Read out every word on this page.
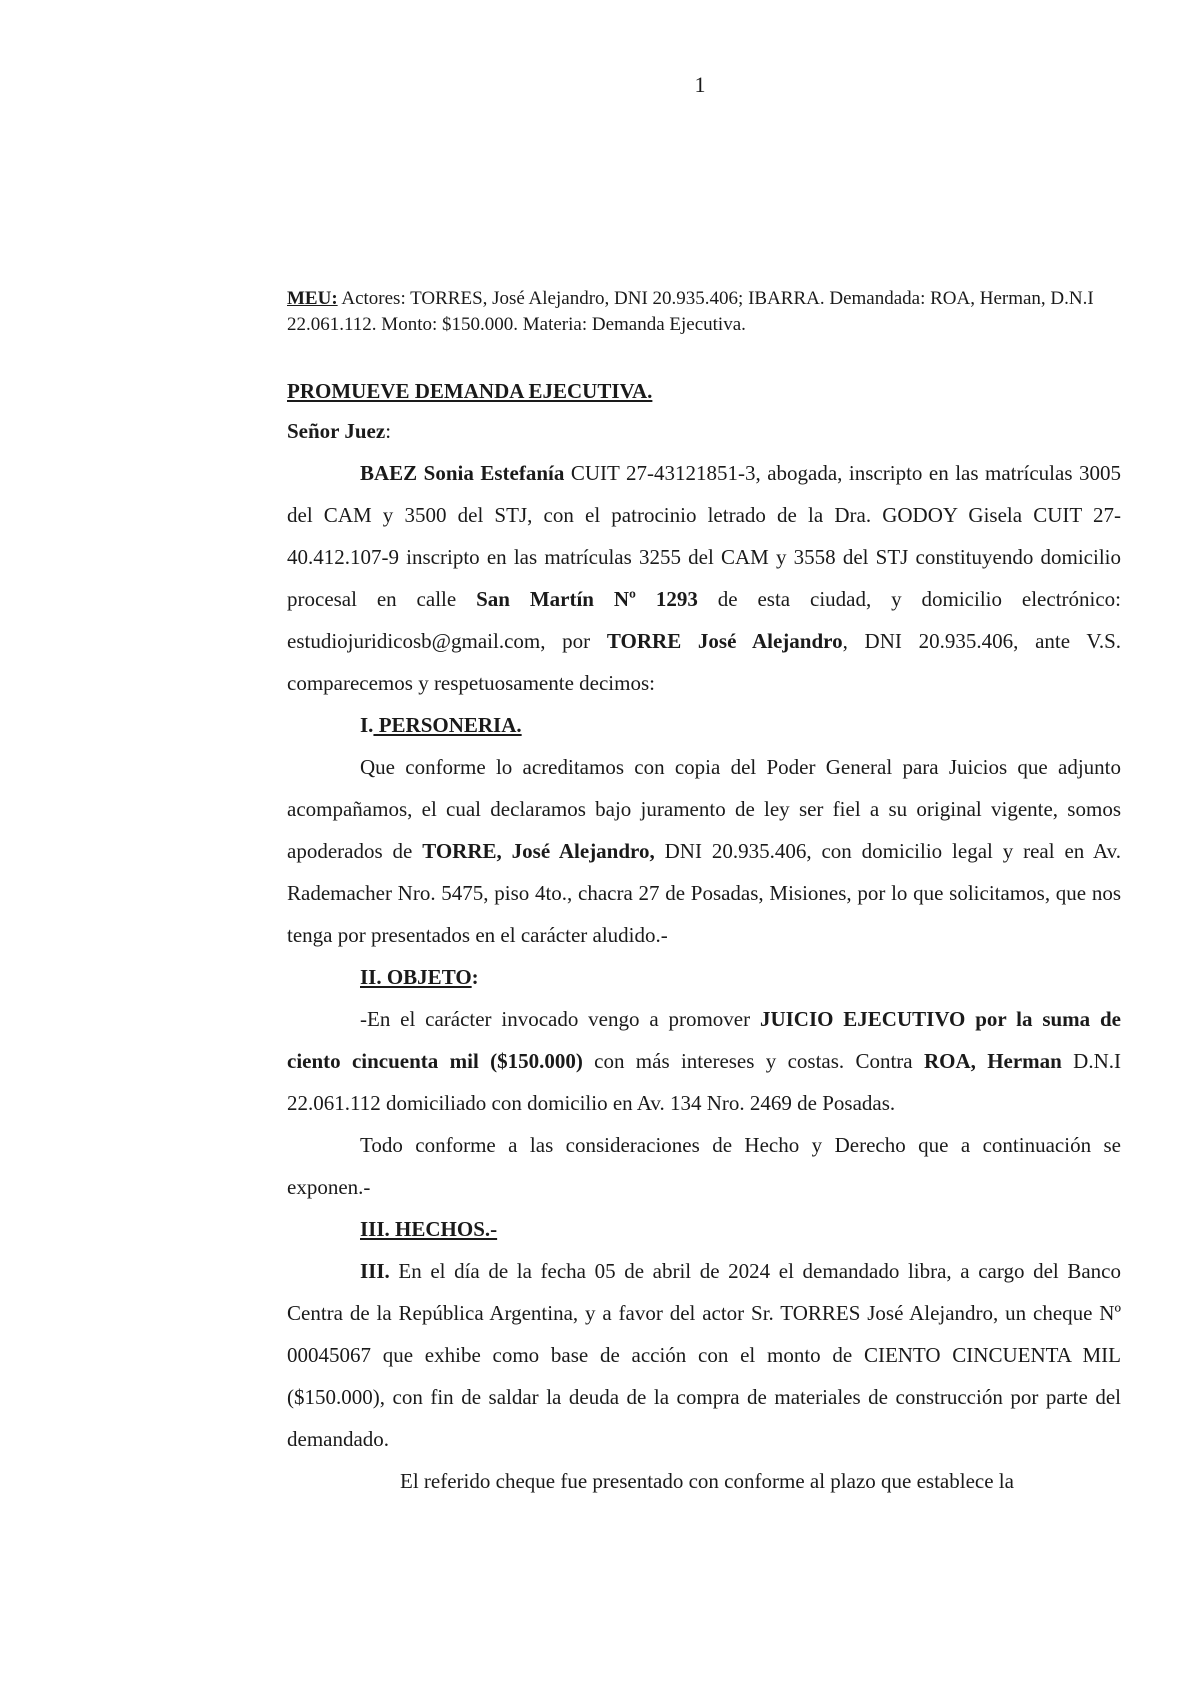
1
MEU: Actores: TORRES, José Alejandro, DNI 20.935.406; IBARRA. Demandada: ROA, Herman, D.N.I 22.061.112. Monto: $150.000. Materia: Demanda Ejecutiva.
PROMUEVE DEMANDA EJECUTIVA.
Señor Juez:

BAEZ Sonia Estefanía CUIT 27-43121851-3, abogada, inscripto en las matrículas 3005 del CAM y 3500 del STJ, con el patrocinio letrado de la Dra. GODOY Gisela CUIT 27-40.412.107-9 inscripto en las matrículas 3255 del CAM y 3558 del STJ constituyendo domicilio procesal en calle San Martín Nº 1293 de esta ciudad, y domicilio electrónico: estudiojuridicosb@gmail.com, por TORRE José Alejandro, DNI 20.935.406, ante V.S. comparecemos y respetuosamente decimos:

I. PERSONERIA.

Que conforme lo acreditamos con copia del Poder General para Juicios que adjunto acompañamos, el cual declaramos bajo juramento de ley ser fiel a su original vigente, somos apoderados de TORRE, José Alejandro, DNI 20.935.406, con domicilio legal y real en Av. Rademacher Nro. 5475, piso 4to., chacra 27 de Posadas, Misiones, por lo que solicitamos, que nos tenga por presentados en el carácter aludido.-

II. OBJETO:

-En el carácter invocado vengo a promover JUICIO EJECUTIVO por la suma de ciento cincuenta mil ($150.000) con más intereses y costas. Contra ROA, Herman D.N.I 22.061.112 domiciliado con domicilio en Av. 134 Nro. 2469 de Posadas.

Todo conforme a las consideraciones de Hecho y Derecho que a continuación se exponen.-

III. HECHOS.-

III. En el día de la fecha 05 de abril de 2024 el demandado libra, a cargo del Banco Centra de la República Argentina, y a favor del actor Sr. TORRES José Alejandro, un cheque Nº 00045067 que exhibe como base de acción con el monto de CIENTO CINCUENTA MIL ($150.000), con fin de saldar la deuda de la compra de materiales de construcción por parte del demandado.

El referido cheque fue presentado con conforme al plazo que establece la
